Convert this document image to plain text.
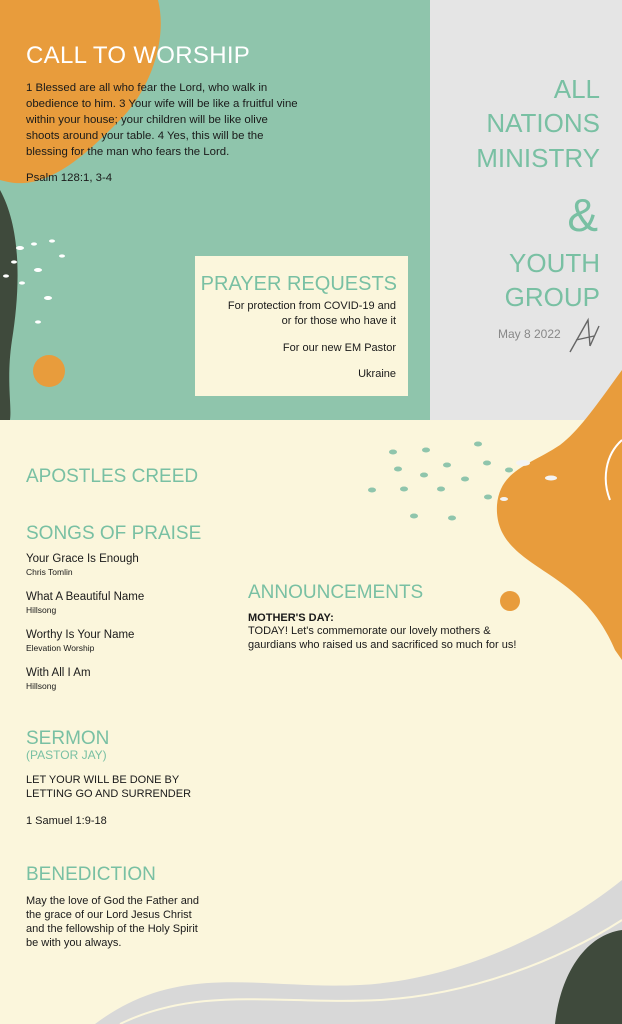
CALL TO WORSHIP
1 Blessed are all who fear the Lord, who walk in obedience to him. 3 Your wife will be like a fruitful vine within your house; your children will be like olive shoots around your table. 4 Yes, this will be the blessing for the man who fears the Lord.
Psalm 128:1, 3-4
PRAYER REQUESTS
For protection from COVID-19 and or for those who have it
For our new EM Pastor
Ukraine
ALL
NATIONS
MINISTRY
&
YOUTH
GROUP
May 8 2022
APOSTLES CREED
SONGS OF PRAISE
Your Grace Is Enough
Chris Tomlin
What A Beautiful Name
Hillsong
Worthy Is Your Name
Elevation Worship
With All I Am
Hillsong
SERMON
(PASTOR JAY)
LET YOUR WILL BE DONE BY LETTING GO AND SURRENDER
1 Samuel 1:9-18
BENEDICTION
May the love of God the Father and the grace of our Lord Jesus Christ and the fellowship of the Holy Spirit be with you always.
ANNOUNCEMENTS
MOTHER'S DAY:
TODAY! Let's commemorate our lovely mothers & gaurdians who raised us and sacrificed so much for us!
